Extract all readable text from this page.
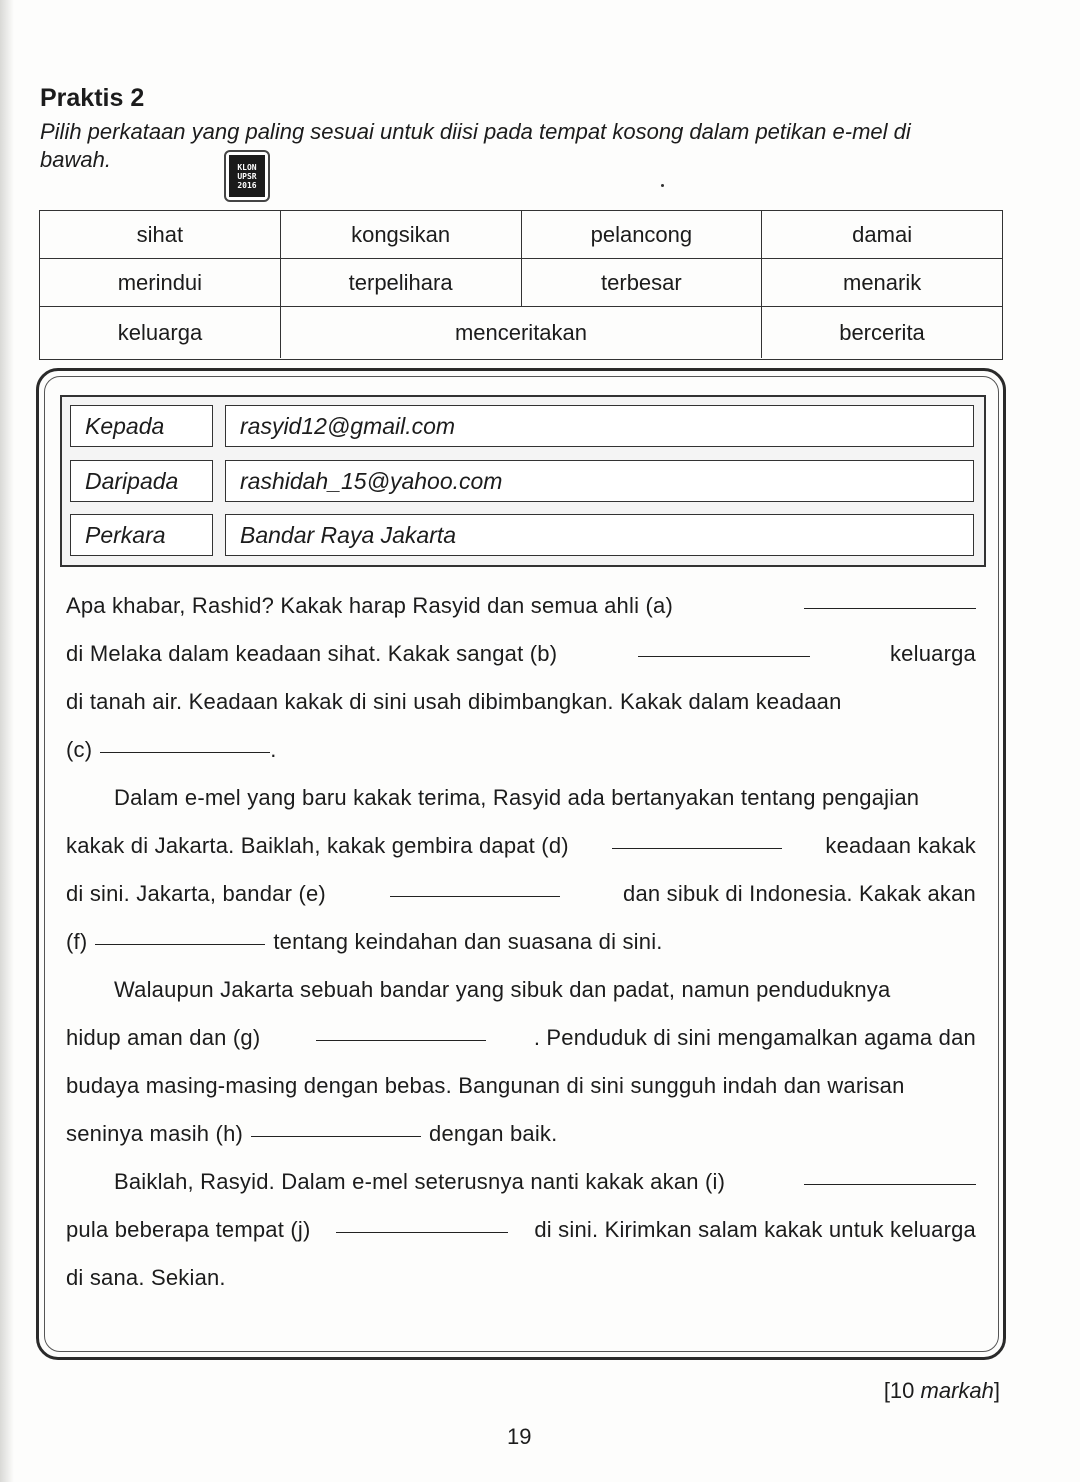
Praktis 2
Pilih perkataan yang paling sesuai untuk diisi pada tempat kosong dalam petikan e-mel di bawah.	KLON
UPSR
2016
sihat	kongsikan	pelancong	damai
merindui	terpelihara	terbesar	menarik
keluarga	menceritakan	bercerita
Kepada	rasyid12@gmail.com
Daripada	rashidah_15@yahoo.com
Perkara	Bandar Raya Jakarta
Apa khabar, Rashid? Kakak harap Rasyid dan semua ahli (a)
di Melaka dalam keadaan sihat. Kakak sangat (b)	keluarga
di tanah air. Keadaan kakak di sini usah dibimbangkan. Kakak dalam keadaan
(c)	.
Dalam e-mel yang baru kakak terima, Rasyid ada bertanyakan tentang pengajian
kakak di Jakarta. Baiklah, kakak gembira dapat (d)	keadaan kakak
di sini. Jakarta, bandar (e)	dan sibuk di Indonesia. Kakak akan
(f)	tentang keindahan dan suasana di sini.
Walaupun Jakarta sebuah bandar yang sibuk dan padat, namun penduduknya
hidup aman dan (g)	. Penduduk di sini mengamalkan agama dan
budaya masing-masing dengan bebas. Bangunan di sini sungguh indah dan warisan
seninya masih (h)	dengan baik.
Baiklah, Rasyid. Dalam e-mel seterusnya nanti kakak akan (i)
pula beberapa tempat (j)	di sini. Kirimkan salam kakak untuk keluarga
di sana. Sekian.
[10 markah]
19
